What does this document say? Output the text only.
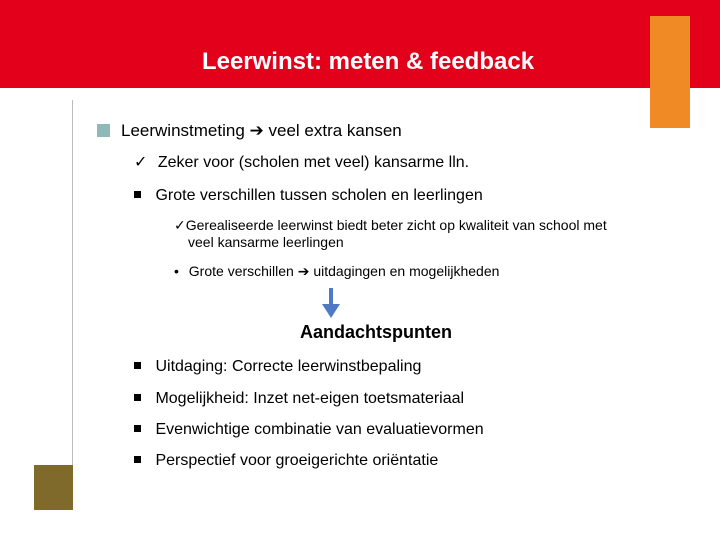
Leerwinst: meten & feedback
Leerwinstmeting ➔ veel extra kansen
✓ Zeker voor (scholen met veel) kansarme lln.
Grote verschillen tussen scholen en leerlingen
✓Gerealiseerde leerwinst biedt beter zicht op kwaliteit van school met
veel kansarme leerlingen
• Grote verschillen ➔ uitdagingen en mogelijkheden
Aandachtspunten
Uitdaging: Correcte leerwinstbepaling
Mogelijkheid: Inzet net-eigen toetsmateriaal
Evenwichtige combinatie van evaluatievormen
Perspectief voor groeigerichte oriëntatie
